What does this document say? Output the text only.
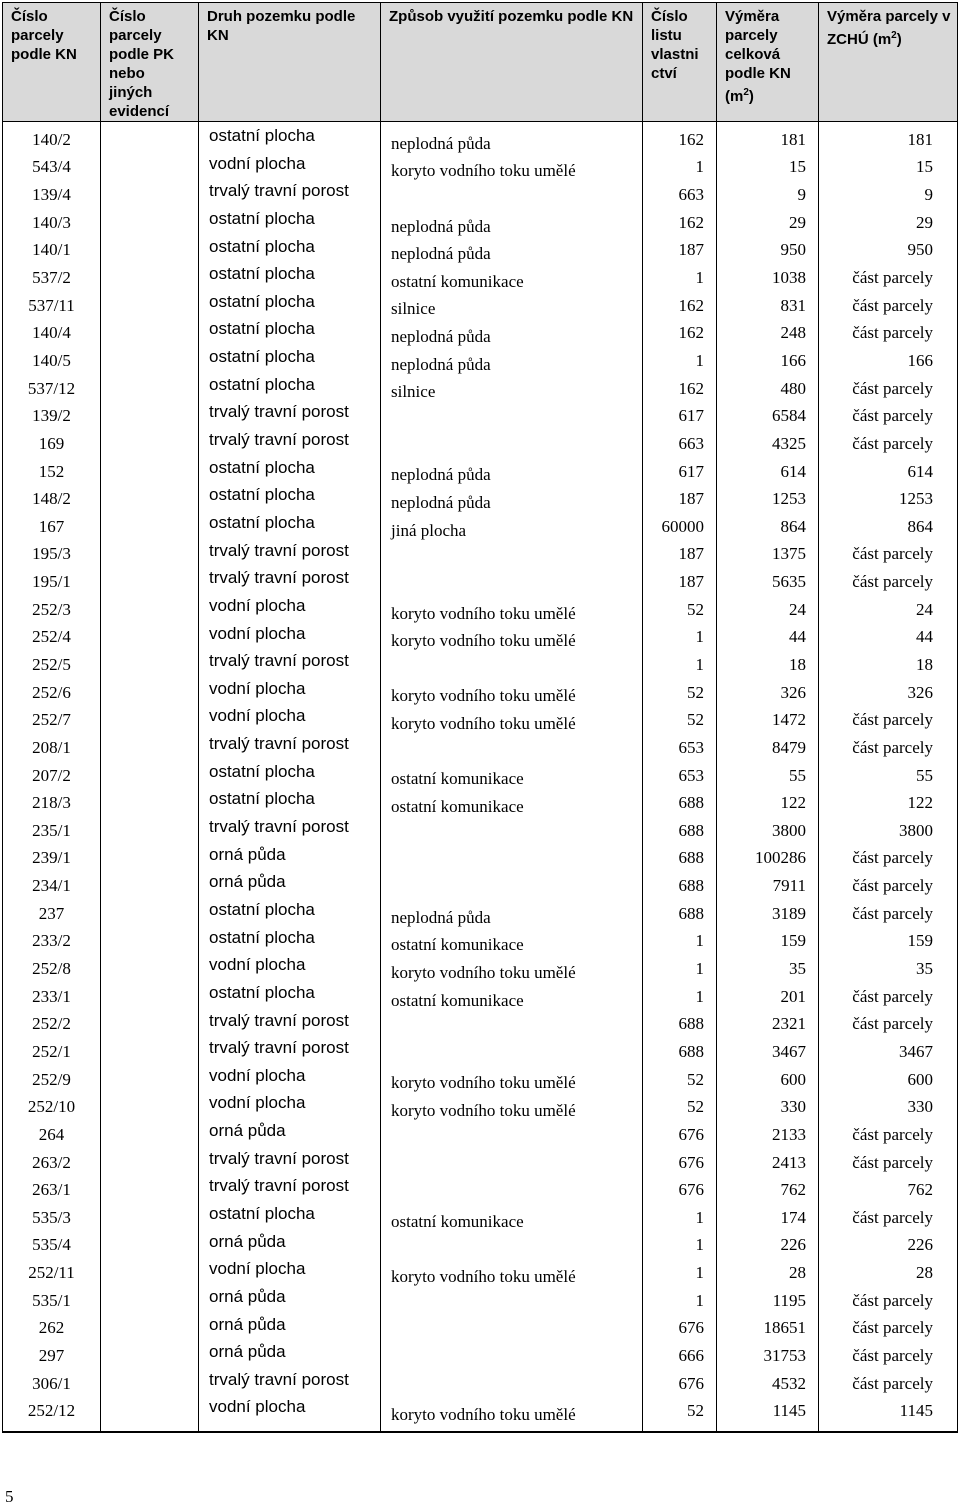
Číslo parcely podle KN	Číslo parcely podle PK nebo jiných evidencí	Druh pozemku podle KN	Způsob využití pozemku podle KN	Číslo listu vlastni ctví	Výměra parcely celková podle KN $(m^2)$	Výměra parcely v ZCHÚ $(m^2)$
140/2		ostatní plocha	neplodná půda	162	181	181
543/4		vodní plocha	koryto vodního toku umělé	1	15	15
139/4		trvalý travní porost		663	9	9
140/3		ostatní plocha	neplodná půda	162	29	29
140/1		ostatní plocha	neplodná půda	187	950	950
537/2		ostatní plocha	ostatní komunikace	1	1038	část parcely
537/11		ostatní plocha	silnice	162	831	část parcely
140/4		ostatní plocha	neplodná půda	162	248	část parcely
140/5		ostatní plocha	neplodná půda	1	166	166
537/12		ostatní plocha	silnice	162	480	část parcely
139/2		trvalý travní porost		617	6584	část parcely
169		trvalý travní porost		663	4325	část parcely
152		ostatní plocha	neplodná půda	617	614	614
148/2		ostatní plocha	neplodná půda	187	1253	1253
167		ostatní plocha	jiná plocha	60000	864	864
195/3		trvalý travní porost		187	1375	část parcely
195/1		trvalý travní porost		187	5635	část parcely
252/3		vodní plocha	koryto vodního toku umělé	52	24	24
252/4		vodní plocha	koryto vodního toku umělé	1	44	44
252/5		trvalý travní porost		1	18	18
252/6		vodní plocha	koryto vodního toku umělé	52	326	326
252/7		vodní plocha	koryto vodního toku umělé	52	1472	část parcely
208/1		trvalý travní porost		653	8479	část parcely
207/2		ostatní plocha	ostatní komunikace	653	55	55
218/3		ostatní plocha	ostatní komunikace	688	122	122
235/1		trvalý travní porost		688	3800	3800
239/1		orná půda		688	100286	část parcely
234/1		orná půda		688	7911	část parcely
237		ostatní plocha	neplodná půda	688	3189	část parcely
233/2		ostatní plocha	ostatní komunikace	1	159	159
252/8		vodní plocha	koryto vodního toku umělé	1	35	35
233/1		ostatní plocha	ostatní komunikace	1	201	část parcely
252/2		trvalý travní porost		688	2321	část parcely
252/1		trvalý travní porost		688	3467	3467
252/9		vodní plocha	koryto vodního toku umělé	52	600	600
252/10		vodní plocha	koryto vodního toku umělé	52	330	330
264		orná půda		676	2133	část parcely
263/2		trvalý travní porost		676	2413	část parcely
263/1		trvalý travní porost		676	762	762
535/3		ostatní plocha	ostatní komunikace	1	174	část parcely
535/4		orná půda		1	226	226
252/11		vodní plocha	koryto vodního toku umělé	1	28	28
535/1		orná půda		1	1195	část parcely
262		orná půda		676	18651	část parcely
297		orná půda		666	31753	část parcely
306/1		trvalý travní porost		676	4532	část parcely
252/12		vodní plocha	koryto vodního toku umělé	52	1145	1145
5
